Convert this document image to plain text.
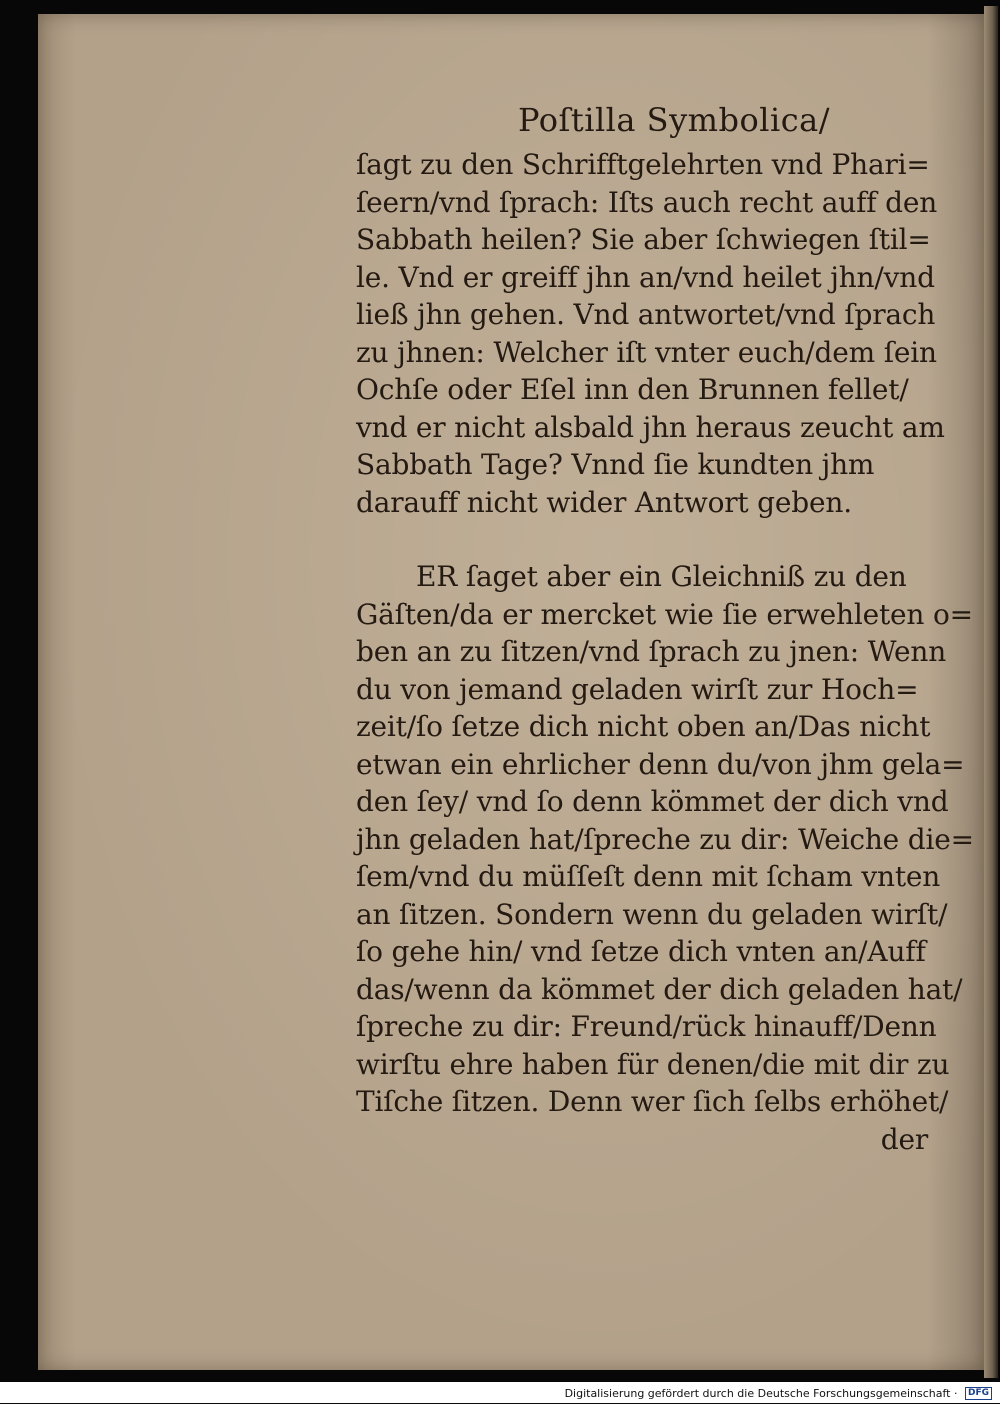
Poſtilla Symbolica/
ſagt zu den Schrifftgelehrten vnd Phari=
ſeern/vnd ſprach: Iſts auch recht auff den
Sabbath heilen? Sie aber ſchwiegen ſtil=
le. Vnd er greiff jhn an/vnd heilet jhn/vnd
ließ jhn gehen. Vnd antwortet/vnd ſprach
zu jhnen: Welcher iſt vnter euch/dem ſein
Ochſe oder Eſel inn den Brunnen fellet/
vnd er nicht alsbald jhn heraus zeucht am
Sabbath Tage? Vnnd ſie kundten jhm
darauff nicht wider Antwort geben.
ER ſaget aber ein Gleichniß zu den
Gäſten/da er mercket wie ſie erwehleten o=
ben an zu ſitzen/vnd ſprach zu jnen: Wenn
du von jemand geladen wirſt zur Hoch=
zeit/ſo ſetze dich nicht oben an/Das nicht
etwan ein ehrlicher denn du/von jhm gela=
den ſey/ vnd ſo denn kömmet der dich vnd
jhn geladen hat/ſpreche zu dir: Weiche die=
ſem/vnd du müſſeſt denn mit ſcham vnten
an ſitzen. Sondern wenn du geladen wirſt/
ſo gehe hin/ vnd ſetze dich vnten an/Auff
das/wenn da kömmet der dich geladen hat/
ſpreche zu dir: Freund/rück hinauff/Denn
wirſtu ehre haben für denen/die mit dir zu
Tiſche ſitzen. Denn wer ſich ſelbs erhöhet/
der
Digitalisierung gefördert durch die Deutsche Forschungsgemeinschaft · DFG
